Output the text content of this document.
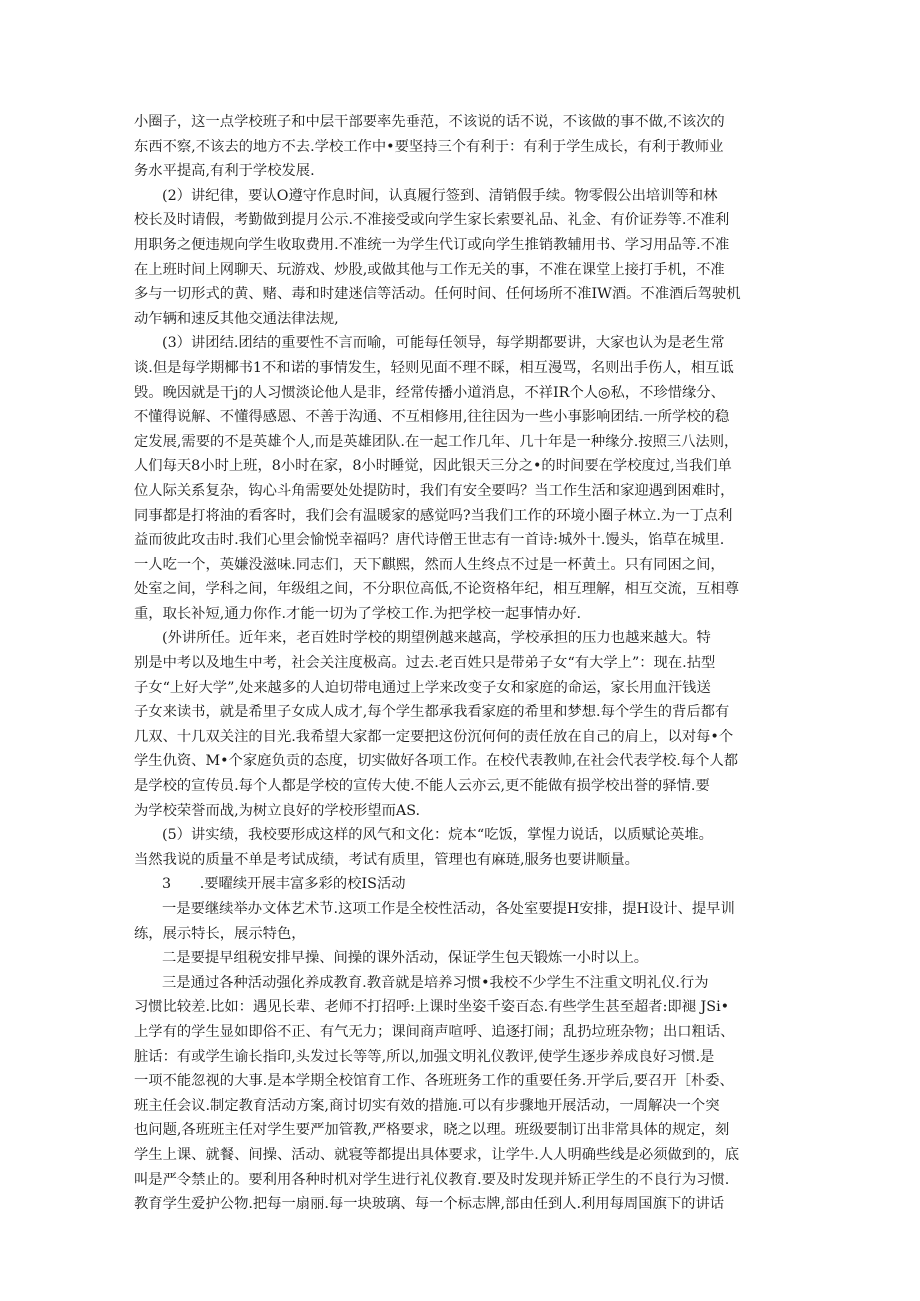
小圈子，这一点学校班子和中层干部要率先垂范，不该说的话不说，不该做的事不做,不该次的
东西不察,不该去的地方不去.学校工作中•要坚持三个有利于：有利于学生成长，有利于教师业
务水平提高,有利于学校发展.
(2）讲纪律，要认O遵守作息时间，认真履行签到、清销假手续。物零假公出培训等和林
校长及时请假，考勤做到提月公示.不准接受或向学生家长索要礼品、礼金、有价证券等.不准利
用职务之便违规向学生收取费用.不准统一为学生代订或向学生推销教辅用书、学习用品等.不准
在上班时间上网聊天、玩游戏、炒股,或做其他与工作无关的事，不准在课堂上接打手机，不准
多与一切形式的黄、赌、毒和时建迷信等活动。任何时间、任何场所不准IW酒。不准酒后驾驶机
动乍辆和速反其他交通法律法规,
(3）讲团结.团结的重要性不言而喻，可能每任领导，每学期都要讲，大家也认为是老生常
谈.但是每学期椰书1不和诺的事情发生，轻则见面不理不睬，相互漫骂，名则出手伤人，相互诋
毁。晚因就是干j的人习惯淡论他人是非，经常传播小道消息，不祥IR个人◎私，不珍惜缘分、
不懂得说解、不懂得感恩、不善于沟通、不互相修用,往往因为一些小事影响团结.一所学校的稳
定发展,需要的不是英雄个人,而是英雄团队.在一起工作几年、几十年是一种缘分.按照三八法则，
人们每天8小时上班，8小时在家，8小时睡觉，因此银天三分之•的时间要在学校度过,当我们单
位人际关系复杂，钩心斗角需要处处提防时，我们有安全要吗？当工作生活和家迎遇到困难时，
同事都是打将油的看客时，我们会有温暖家的感觉吗?当我们工作的环境小圈子林立.为一丁点利
益而彼此攻击时.我们心里会愉悦幸福吗？唐代诗僧王世志有一首诗:城外十.馒头，馅草在城里.
一人吃一个，英嫌没滋味.同志们，天下麒熙，然而人生终点不过是一杯黄土。只有同困之间，
处室之间，学科之间，年级组之间，不分职位高低,不论资格年纪，相互理解，相互交流，互相尊
重，取长补短,通力你作.才能一切为了学校工作.为把学校一起事情办好.
(外讲所任。近年来，老百姓时学校的期望例越来越高，学校承担的压力也越来越大。特
别是中考以及地生中考，社会关注度极高。过去.老百姓只是带弟子女“有大学上”：现在.拈型
子女“上好大学”,处来越多的人迫切带电通过上学来改变子女和家庭的命运，家长用血汗钱送
子女来读书，就是希里子女成人成才,每个学生都承我看家庭的希里和梦想.每个学生的背后都有
几双、十几双关注的目光.我希望大家都一定要把这份沉何何的责任放在自己的肩上，以对每•个
学生仇资、M•个家庭负贡的态度，切实做好各项工作。在校代表教帅,在社会代表学校.每个人都
是学校的宣传员.每个人都是学校的宣传大使.不能人云亦云,更不能做有损学校出誉的驿情.要
为学校荣誉而战,为树立良好的学校形望而AS.
(5）讲实绩，我校要形成这样的风气和文化：烷本“吃饭，掌惺力说话，以质赋论英堆。
当然我说的质量不单是考试成绩，考试有质里，管理也有麻琏,服务也要讲顺量。
3　　.要曜续开展丰富多彩的校IS活动
一是要继续举办文体艺术节.这项工作是全校性活动，各处室要提H安排，提H设计、提早训
练，展示特长，展示特色，
二是要提早组税安排早操、间操的课外活动，保证学生包天锻炼一小时以上。
三是通过各种活动强化养成教育.教音就是培养习惯•我校不少学生不注重文明礼仪.行为
习惯比较差.比如：遇见长辈、老师不打招呼:上课时坐姿千姿百态.有些学生甚至超者:即褪 JSi•
上学有的学生显如即俗不正、有气无力；课间商声喧呼、追逐打闹；乱扔垃班杂物；出口粗话、
脏话：有或学生谕长指印,头发过长等等,所以,加强文明礼仪教评,使学生逐步养成良好习惯.是
一项不能忽视的大事.是本学期全校馆育工作、各班班务工作的重要任务.开学后,要召开［朴委、
班主任会议.制定教育活动方案,商讨切实有效的措施.可以有步骤地开展活动，一周解决一个突
也问题,各班班主任对学生要严加管教,严格要求，晓之以理。班级要制订出非常具体的规定，刻
学生上课、就餐、间操、活动、就寝等都提出具体要求，让学牛.人人明确些线是必须做到的，底
叫是严令禁止的。要利用各种时机对学生进行礼仪教育.要及时发现并矫正学生的不良行为习惯.
教育学生爱护公物.把每一扇丽.每一块玻璃、每一个标志牌,部由任到人.利用每周国旗下的讲话
